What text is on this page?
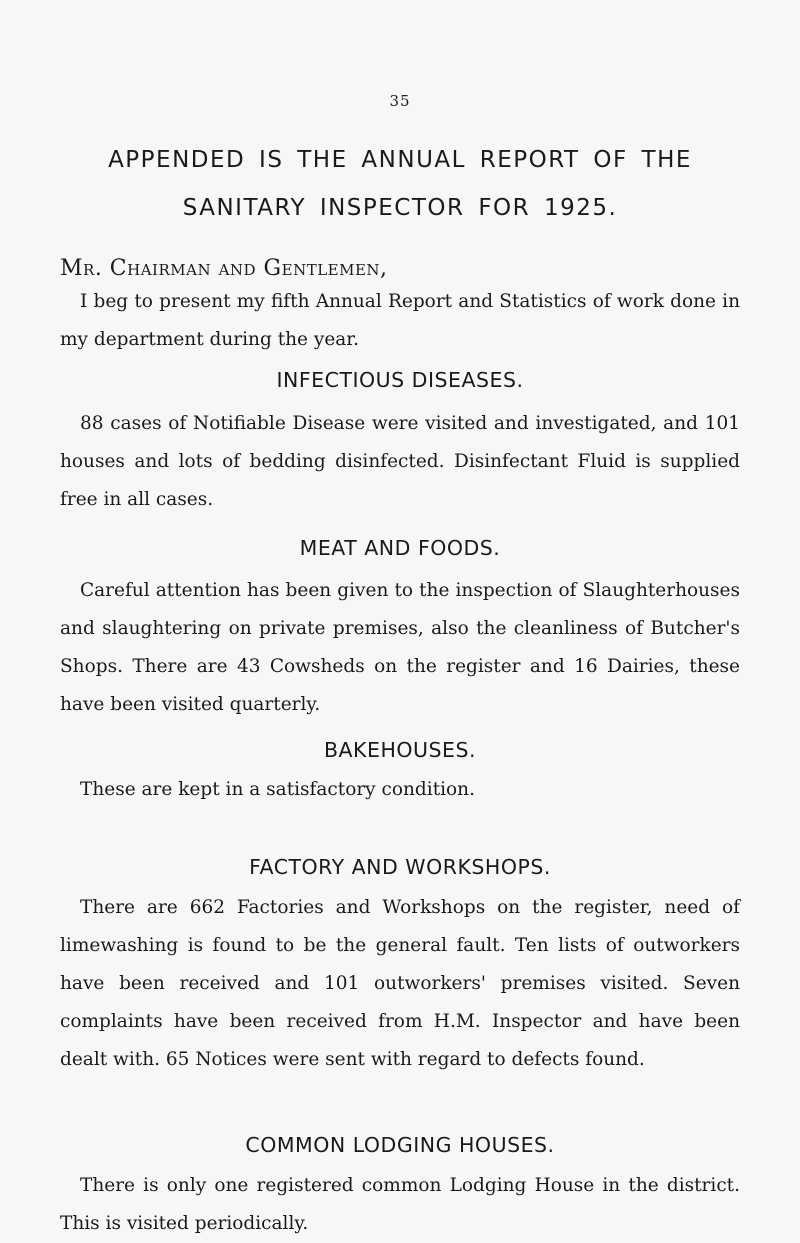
35
APPENDED IS THE ANNUAL REPORT OF THE
SANITARY INSPECTOR FOR 1925.
Mr. Chairman and Gentlemen,

I beg to present my fifth Annual Report and Statistics of work done in my department during the year.

INFECTIOUS DISEASES.

88 cases of Notifiable Disease were visited and investigated, and 101 houses and lots of bedding disinfected. Disinfectant Fluid is supplied free in all cases.

MEAT AND FOODS.

Careful attention has been given to the inspection of Slaughterhouses and slaughtering on private premises, also the cleanliness of Butcher's Shops. There are 43 Cowsheds on the register and 16 Dairies, these have been visited quarterly.

BAKEHOUSES.

These are kept in a satisfactory condition.

FACTORY AND WORKSHOPS.

There are 662 Factories and Workshops on the register, need of limewashing is found to be the general fault. Ten lists of outworkers have been received and 101 outworkers' premises visited. Seven complaints have been received from H.M. Inspector and have been dealt with. 65 Notices were sent with regard to defects found.

COMMON LODGING HOUSES.

There is only one registered common Lodging House in the district. This is visited periodically.
